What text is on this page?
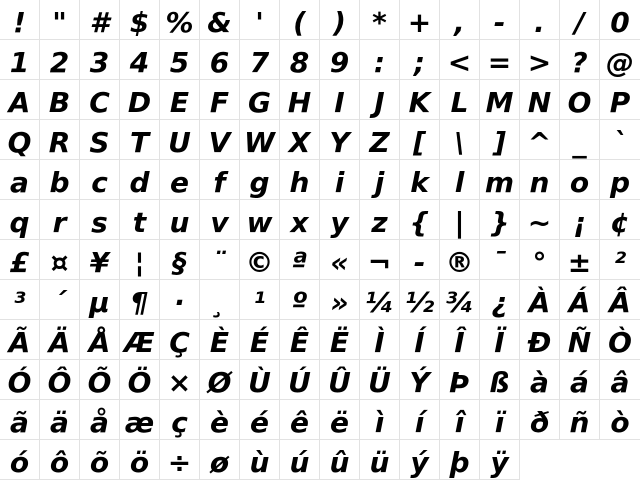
! " # $ % & '	( ) * + ,	-	.	/ 0
1 2 3 4 5 6 7 8 9 :	; < = > ? @
A B C D E F G H I	J K L M N O P
Q R S T U V W X Y Z [	\	] ^ _ `
a b c d e f g h i	j k l m n o p
q r s t u v w x y z { | } ~ ¡ ¢
£ ¤ ¥ ¦ § ¨ © ª « ¬ - ® ¯ ° ± ²
³ ´ µ ¶ · ¸ ¹ º » ¼ ½ ¾ ¿ À Á Â
Ã Ä Å Æ Ç È É Ê Ë Ì	Í	Î	Ï Ð Ñ Ò
Ó Ô Õ Ö × Ø Ù Ú Û Ü Ý Þ ß à á â
ã ä å æ ç è é ê ë ì	í	î	ï ð ñ ò
ó ô õ ö ÷ ø ù ú û ü ý þ ÿ
